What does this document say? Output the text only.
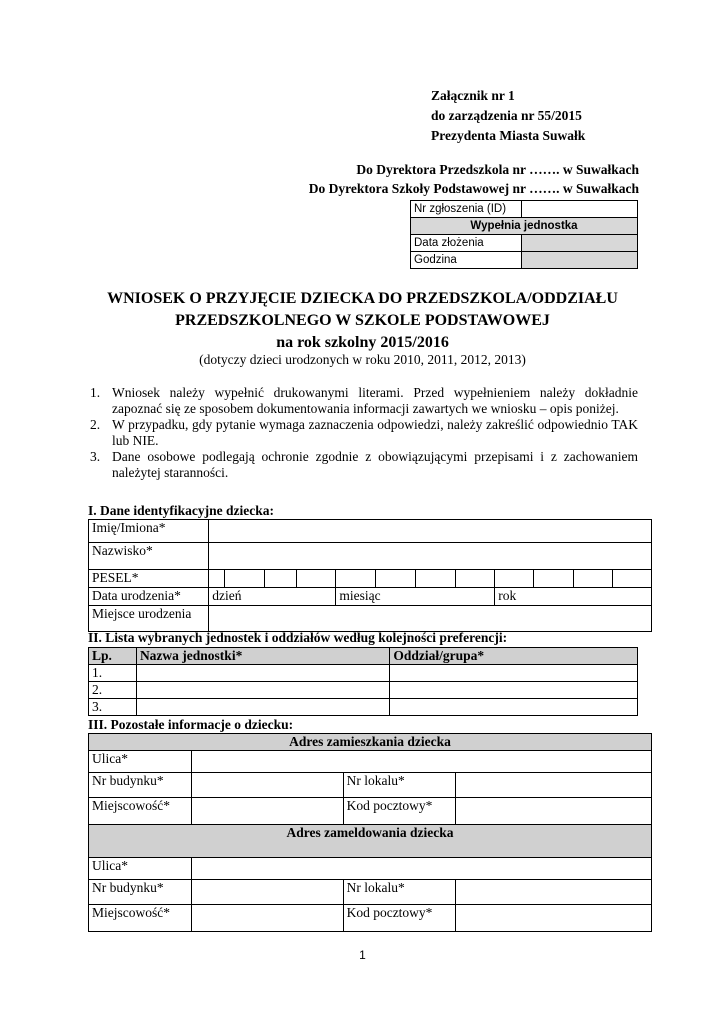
Załącznik nr 1
do zarządzenia nr 55/2015
Prezydenta Miasta Suwałk
Do Dyrektora Przedszkola nr ……. w Suwałkach
Do Dyrektora Szkoły Podstawowej nr ……. w Suwałkach
Nr zgłoszenia (ID)	
Wypełnia jednostka	
Data złożenia	
Godzina	
WNIOSEK O PRZYJĘCIE DZIECKA DO PRZEDSZKOLA/ODDZIAŁU
PRZEDSZKOLNEGO W SZKOLE PODSTAWOWEJ
na rok szkolny 2015/2016
(dotyczy dzieci urodzonych w roku 2010, 2011, 2012, 2013)
1. Wniosek należy wypełnić drukowanymi literami. Przed wypełnieniem należy dokładnie zapoznać się ze sposobem dokumentowania informacji zawartych we wniosku – opis poniżej.
2. W przypadku, gdy pytanie wymaga zaznaczenia odpowiedzi, należy zakreślić odpowiednio TAK lub NIE.
3. Dane osobowe podlegają ochronie zgodnie z obowiązującymi przepisami i z zachowaniem należytej staranności.
I. Dane identyfikacyjne dziecka:
Imię/Imiona*												
Nazwisko*												
PESEL*												
Data urodzenia*	dzień				miesiąc				rok			
Miejsce urodzenia												
II. Lista wybranych jednostek i oddziałów według kolejności preferencji:
Lp.	Nazwa jednostki*	Oddział/grupa*
1.		
2.		
3.		
III. Pozostałe informacje o dziecku:
Adres zamieszkania dziecka			
Ulica*			
Nr budynku*		Nr lokalu*	
Miejscowość*		Kod pocztowy*	
Adres zameldowania dziecka			
Ulica*			
Nr budynku*		Nr lokalu*	
Miejscowość*		Kod pocztowy*	
1
